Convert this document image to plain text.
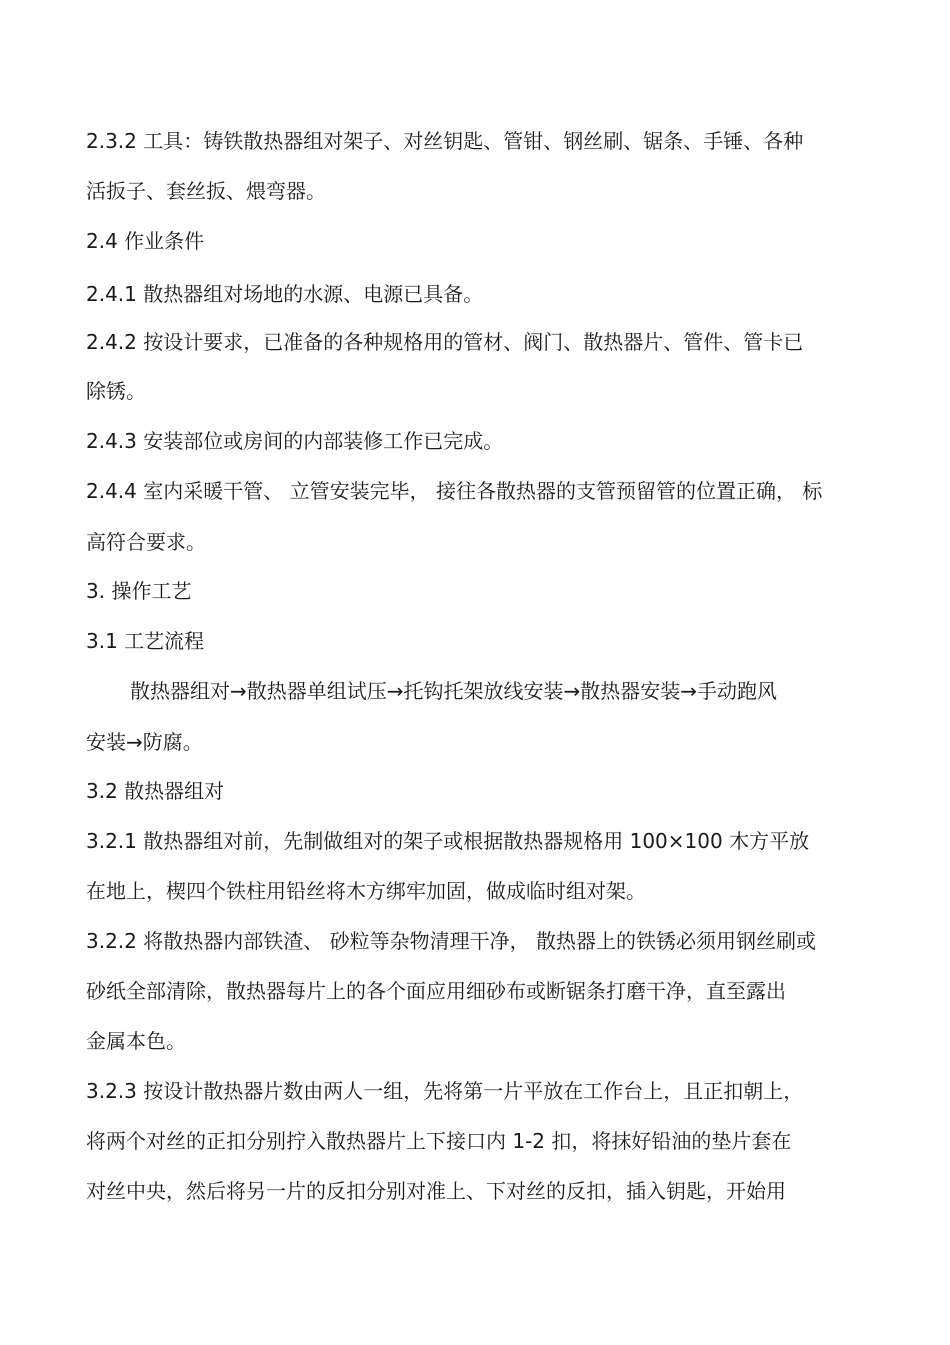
2.3.2 工具：铸铁散热器组对架子、对丝钥匙、管钳、钢丝刷、锯条、手锤、各种
活扳子、套丝扳、煨弯器。
2.4 作业条件
2.4.1 散热器组对场地的水源、电源已具备。
2.4.2 按设计要求，已准备的各种规格用的管材、阀门、散热器片、管件、管卡已
除锈。
2.4.3 安装部位或房间的内部装修工作已完成。
2.4.4 室内采暖干管、 立管安装完毕， 接往各散热器的支管预留管的位置正确， 标
高符合要求。
3. 操作工艺
3.1 工艺流程
散热器组对→散热器单组试压→托钩托架放线安装→散热器安装→手动跑风
安装→防腐。
3.2 散热器组对
3.2.1 散热器组对前，先制做组对的架子或根据散热器规格用 100×100 木方平放
在地上，楔四个铁柱用铅丝将木方绑牢加固，做成临时组对架。
3.2.2 将散热器内部铁渣、 砂粒等杂物清理干净， 散热器上的铁锈必须用钢丝刷或
砂纸全部清除，散热器每片上的各个面应用细砂布或断锯条打磨干净，直至露出
金属本色。
3.2.3 按设计散热器片数由两人一组，先将第一片平放在工作台上，且正扣朝上，
将两个对丝的正扣分别拧入散热器片上下接口内 1-2 扣，将抹好铅油的垫片套在
对丝中央，然后将另一片的反扣分别对准上、下对丝的反扣，插入钥匙，开始用
